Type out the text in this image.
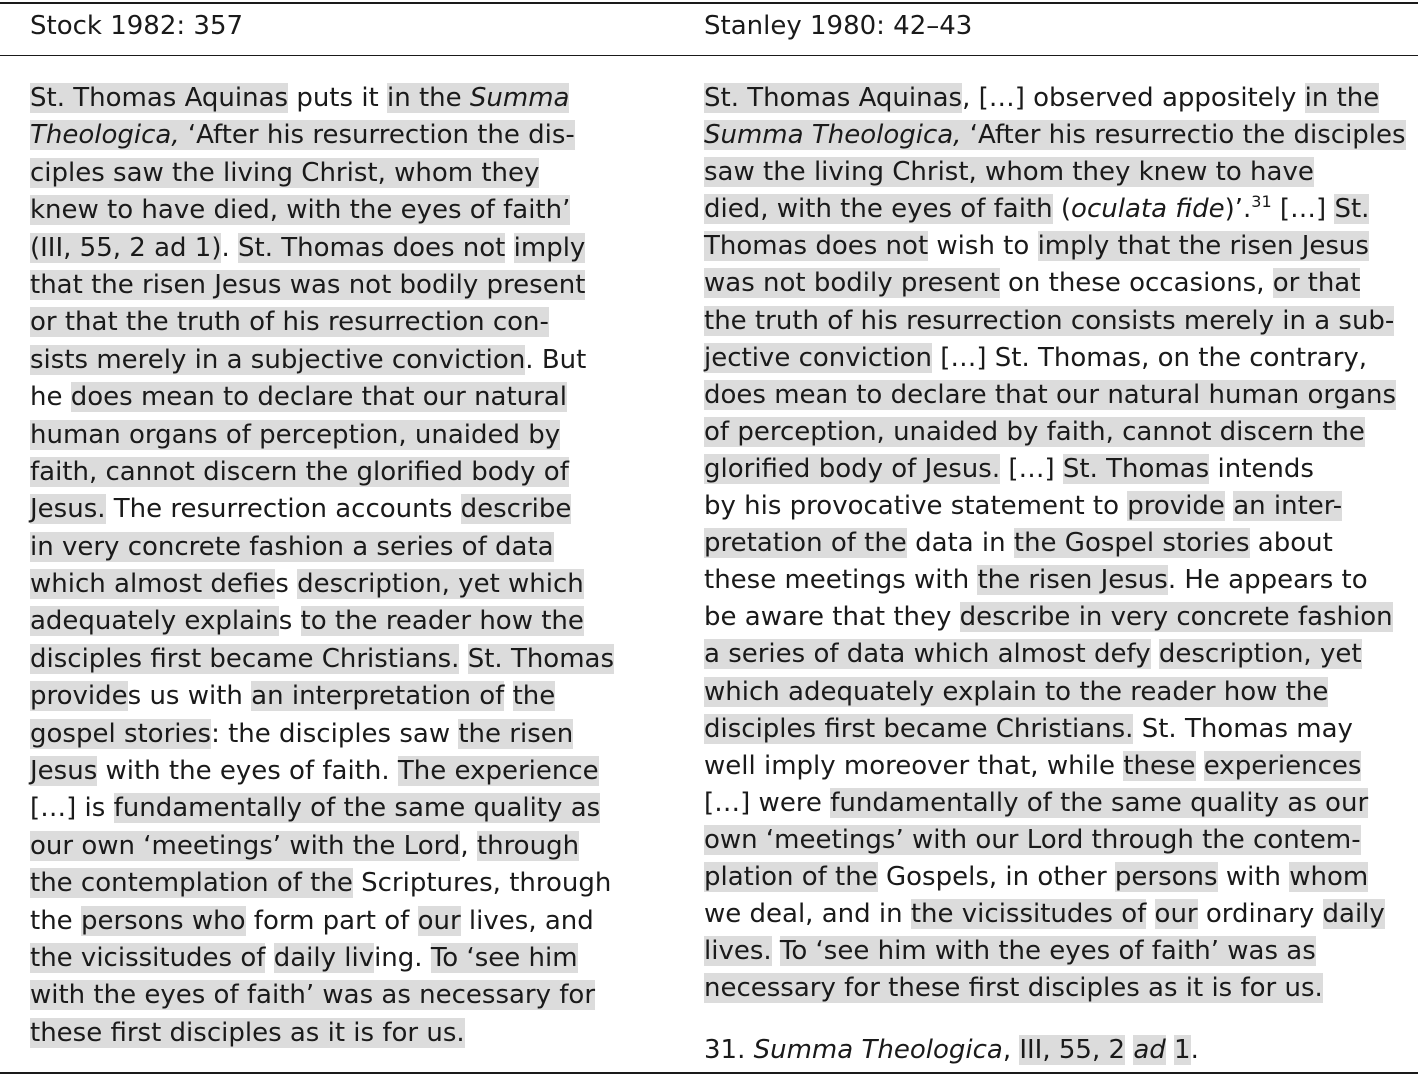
Stock 1982: 357	Stanley 1980: 42–43
St. Thomas Aquinas puts it in the Summa
Theologica, ‘After his resurrection the dis-
ciples saw the living Christ, whom they
knew to have died, with the eyes of faith’
(III, 55, 2 ad 1). St. Thomas does not imply
that the risen Jesus was not bodily present
or that the truth of his resurrection con-
sists merely in a subjective conviction. But
he does mean to declare that our natural
human organs of perception, unaided by
faith, cannot discern the glorified body of
Jesus. The resurrection accounts describe
in very concrete fashion a series of data
which almost defies description, yet which
adequately explains to the reader how the
disciples first became Christians. St. Thomas
provides us with an interpretation of the
gospel stories: the disciples saw the risen
Jesus with the eyes of faith. The experience
[…] is fundamentally of the same quality as
our own ‘meetings’ with the Lord, through
the contemplation of the Scriptures, through
the persons who form part of our lives, and
the vicissitudes of daily living. To ‘see him
with the eyes of faith’ was as necessary for
these first disciples as it is for us.
St. Thomas Aquinas, […] observed appositely in the
Summa Theologica, ‘After his resurrectio the disciples
saw the living Christ, whom they knew to have
died, with the eyes of faith (oculata fide)’.$^{31}$ […] St.
Thomas does not wish to imply that the risen Jesus
was not bodily present on these occasions, or that
the truth of his resurrection consists merely in a sub-
jective conviction […] St. Thomas, on the contrary,
does mean to declare that our natural human organs
of perception, unaided by faith, cannot discern the
glorified body of Jesus. […] St. Thomas intends
by his provocative statement to provide an inter-
pretation of the data in the Gospel stories about
these meetings with the risen Jesus. He appears to
be aware that they describe in very concrete fashion
a series of data which almost defy description, yet
which adequately explain to the reader how the
disciples first became Christians. St. Thomas may
well imply moreover that, while these experiences
[…] were fundamentally of the same quality as our
own ‘meetings’ with our Lord through the contem-
plation of the Gospels, in other persons with whom
we deal, and in the vicissitudes of our ordinary daily
lives. To ‘see him with the eyes of faith’ was as
necessary for these first disciples as it is for us.
31. Summa Theologica, III, 55, 2 ad 1.
